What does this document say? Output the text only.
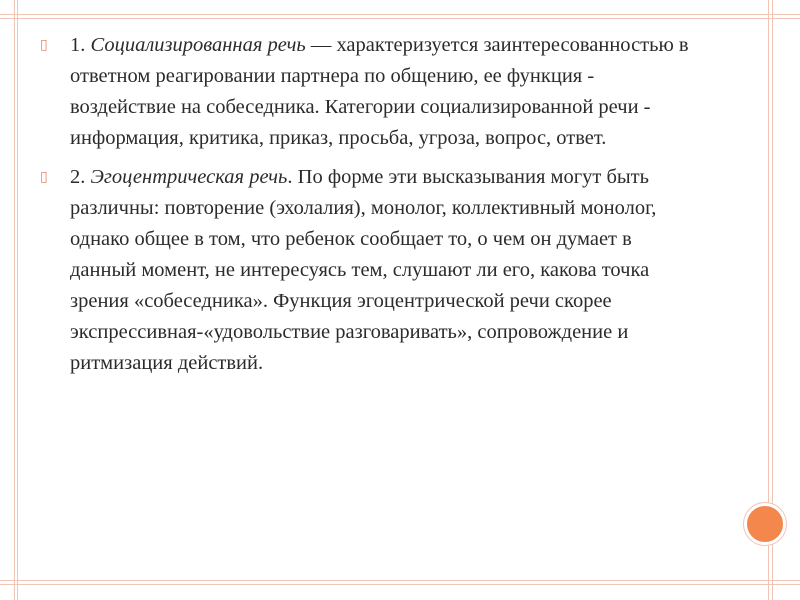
▯ 1. Социализированная речь — характеризуется заинтересованностью в ответном реагировании партнера по общению, ее функция - воздействие на собеседника. Категории социализированной речи - информация, критика, приказ, просьба, угроза, вопрос, ответ.

▯ 2. Эгоцентрическая речь. По форме эти высказывания могут быть различны: повторение (эхолалия), монолог, коллективный монолог, однако общее в том, что ребенок сообщает то, о чем он думает в данный момент, не интересуясь тем, слушают ли его, какова точка зрения «собеседника». Функция эгоцентрической речи скорее экспрессивная-«удовольствие разговаривать», сопровождение и ритмизация действий.
